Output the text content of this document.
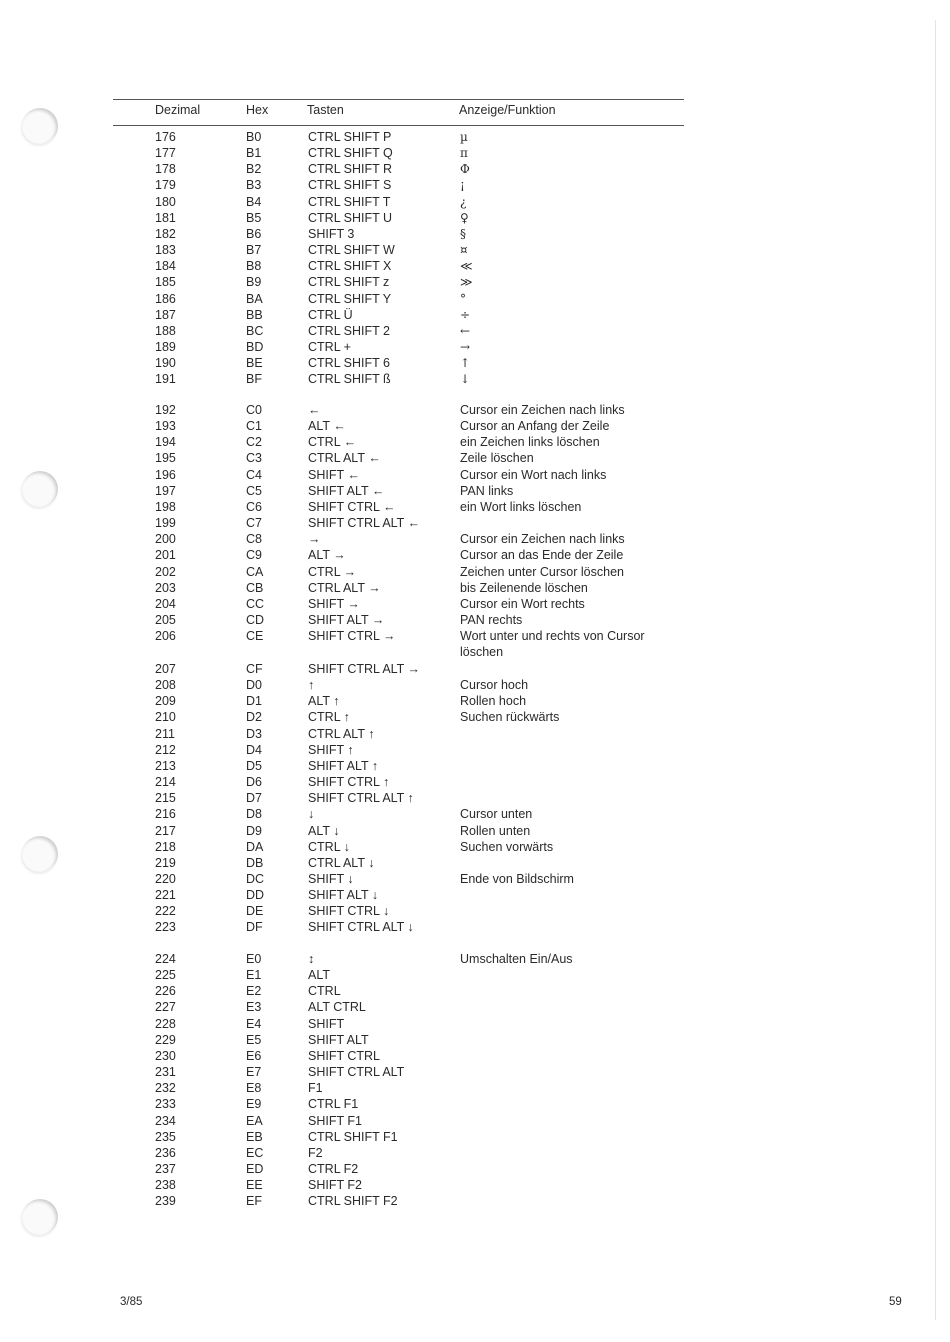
Dezimal	Hex	Tasten	Anzeige/Funktion
176	B0	CTRL SHIFT P	µ
177	B1	CTRL SHIFT Q	π
178	B2	CTRL SHIFT R	Φ
179	B3	CTRL SHIFT S	¡
180	B4	CTRL SHIFT T	¿
181	B5	CTRL SHIFT U	♀
182	B6	SHIFT 3	§
183	B7	CTRL SHIFT W	¤
184	B8	CTRL SHIFT X	≪
185	B9	CTRL SHIFT z	≫
186	BA	CTRL SHIFT Y	°
187	BB	CTRL Ü	÷
188	BC	CTRL SHIFT 2	←
189	BD	CTRL +	→
190	BE	CTRL SHIFT 6	↑
191	BF	CTRL SHIFT ß	↓
192	C0	←	Cursor ein Zeichen nach links
193	C1	ALT ←	Cursor an Anfang der Zeile
194	C2	CTRL ←	ein Zeichen links löschen
195	C3	CTRL ALT ←	Zeile löschen
196	C4	SHIFT ←	Cursor ein Wort nach links
197	C5	SHIFT ALT ←	PAN links
198	C6	SHIFT CTRL ←	ein Wort links löschen
199	C7	SHIFT CTRL ALT ←
200	C8	→	Cursor ein Zeichen nach links
201	C9	ALT →	Cursor an das Ende der Zeile
202	CA	CTRL →	Zeichen unter Cursor löschen
203	CB	CTRL ALT →	bis Zeilenende löschen
204	CC	SHIFT →	Cursor ein Wort rechts
205	CD	SHIFT ALT →	PAN rechts
206	CE	SHIFT CTRL →	Wort unter und rechts von Cursor
löschen
207	CF	SHIFT CTRL ALT →
208	D0	↑	Cursor hoch
209	D1	ALT ↑	Rollen hoch
210	D2	CTRL ↑	Suchen rückwärts
211	D3	CTRL ALT ↑
212	D4	SHIFT ↑
213	D5	SHIFT ALT ↑
214	D6	SHIFT CTRL ↑
215	D7	SHIFT CTRL ALT ↑
216	D8	↓	Cursor unten
217	D9	ALT ↓	Rollen unten
218	DA	CTRL ↓	Suchen vorwärts
219	DB	CTRL ALT ↓
220	DC	SHIFT ↓	Ende von Bildschirm
221	DD	SHIFT ALT ↓
222	DE	SHIFT CTRL ↓
223	DF	SHIFT CTRL ALT ↓
224	E0	↕	Umschalten Ein/Aus
225	E1	ALT
226	E2	CTRL
227	E3	ALT CTRL
228	E4	SHIFT
229	E5	SHIFT ALT
230	E6	SHIFT CTRL
231	E7	SHIFT CTRL ALT
232	E8	F1
233	E9	CTRL F1
234	EA	SHIFT F1
235	EB	CTRL SHIFT F1
236	EC	F2
237	ED	CTRL F2
238	EE	SHIFT F2
239	EF	CTRL SHIFT F2
3/85	59
